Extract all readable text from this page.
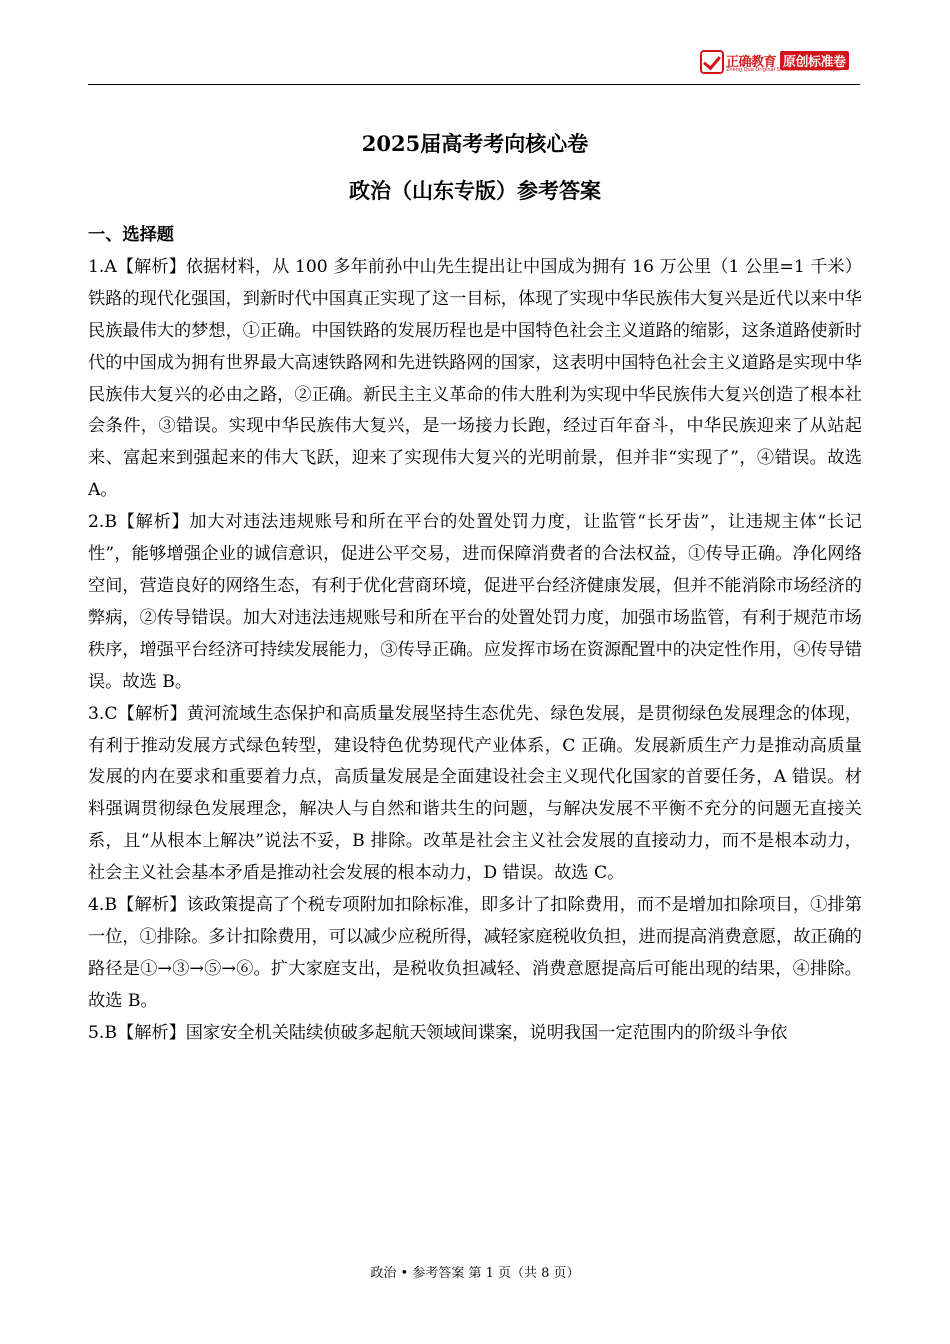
正确教育 原创标准卷
Zheng Que Original Standardized Exam Paper
2025届高考考向核心卷
政治（山东专版）参考答案

一、选择题

1.A【解析】依据材料，从 100 多年前孙中山先生提出让中国成为拥有 16 万公里（1 公里=1 千米）铁路的现代化强国，到新时代中国真正实现了这一目标，体现了实现中华民族伟大复兴是近代以来中华民族最伟大的梦想，①正确。中国铁路的发展历程也是中国特色社会主义道路的缩影，这条道路使新时代的中国成为拥有世界最大高速铁路网和先进铁路网的国家，这表明中国特色社会主义道路是实现中华民族伟大复兴的必由之路，②正确。新民主主义革命的伟大胜利为实现中华民族伟大复兴创造了根本社会条件，③错误。实现中华民族伟大复兴，是一场接力长跑，经过百年奋斗，中华民族迎来了从站起来、富起来到强起来的伟大飞跃，迎来了实现伟大复兴的光明前景，但并非“实现了”，④错误。故选 A。

2.B【解析】加大对违法违规账号和所在平台的处置处罚力度，让监管“长牙齿”，让违规主体“长记性”，能够增强企业的诚信意识，促进公平交易，进而保障消费者的合法权益，①传导正确。净化网络空间，营造良好的网络生态，有利于优化营商环境，促进平台经济健康发展，但并不能消除市场经济的弊病，②传导错误。加大对违法违规账号和所在平台的处置处罚力度，加强市场监管，有利于规范市场秩序，增强平台经济可持续发展能力，③传导正确。应发挥市场在资源配置中的决定性作用，④传导错误。故选 B。

3.C【解析】黄河流域生态保护和高质量发展坚持生态优先、绿色发展，是贯彻绿色发展理念的体现，有利于推动发展方式绿色转型，建设特色优势现代产业体系，C 正确。发展新质生产力是推动高质量发展的内在要求和重要着力点，高质量发展是全面建设社会主义现代化国家的首要任务，A 错误。材料强调贯彻绿色发展理念，解决人与自然和谐共生的问题，与解决发展不平衡不充分的问题无直接关系，且“从根本上解决”说法不妥，B 排除。改革是社会主义社会发展的直接动力，而不是根本动力，社会主义社会基本矛盾是推动社会发展的根本动力，D 错误。故选 C。

4.B【解析】该政策提高了个税专项附加扣除标准，即多计了扣除费用，而不是增加扣除项目，①排第一位，①排除。多计扣除费用，可以减少应税所得，减轻家庭税收负担，进而提高消费意愿，故正确的路径是①→③→⑤→⑥。扩大家庭支出，是税收负担减轻、消费意愿提高后可能出现的结果，④排除。故选 B。

5.B【解析】国家安全机关陆续侦破多起航天领域间谍案，说明我国一定范围内的阶级斗争依

政治 • 参考答案 第 1 页（共 8 页）
